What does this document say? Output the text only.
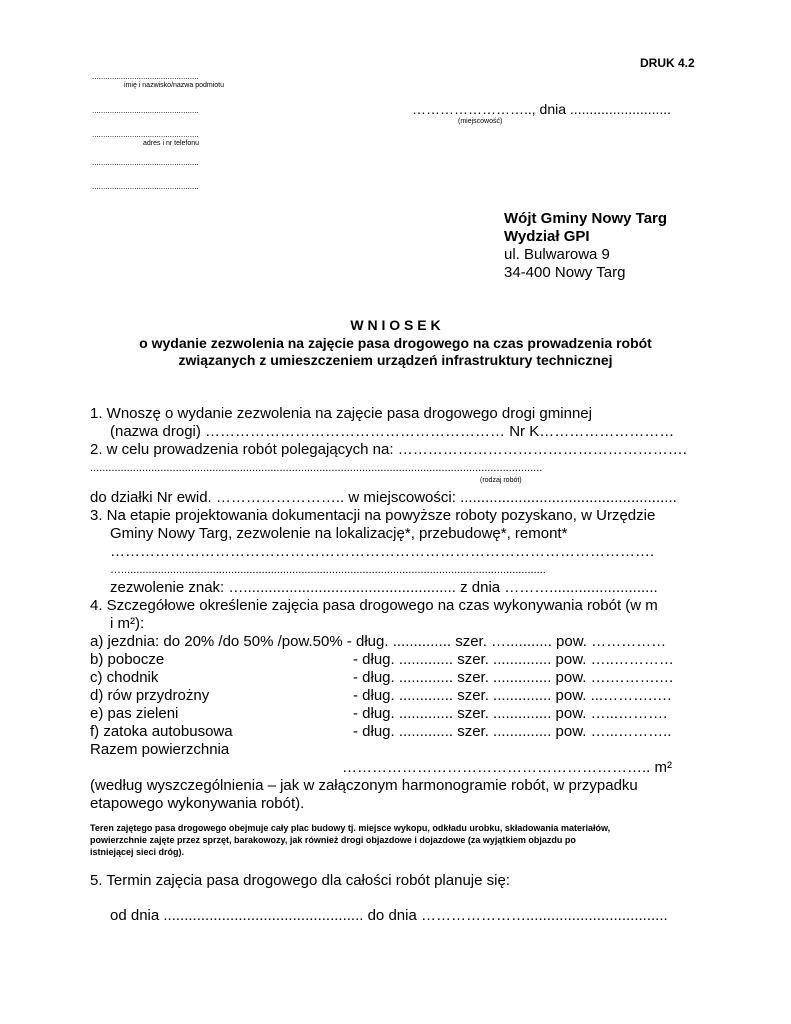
DRUK 4.2
................................................
imię i nazwisko/nazwa podmiotu
................................................
................................................
adres i nr telefonu
................................................
................................................
…………………….., dnia ..........................
(miejscowość)
Wójt Gminy Nowy Targ
Wydział GPI
ul. Bulwarowa 9
34-400 Nowy Targ
W N I O S E K
o wydanie zezwolenia na zajęcie pasa drogowego na czas prowadzenia robót
związanych z umieszczeniem urządzeń infrastruktury technicznej
1. Wnoszę o wydanie zezwolenia na zajęcie pasa drogowego drogi gminnej
(nazwa drogi) …………………………………………………… Nr K………………………
2. w celu prowadzenia robót polegających na: ………………………………………………….
....................................................................................................................................................
(rodzaj robót)
do działki Nr ewid. …………………….. w miejscowości: ....................................................
3. Na etapie projektowania dokumentacji na powyższe roboty pozyskano, w Urzędzie
Gminy Nowy Targ, zezwolenie na lokalizację*, przebudowę*, remont*
……………………………………………………………………………………………….
…...........................................................................................................................................
zezwolenie znak: …................................................... z dnia ………..........................
4. Szczegółowe określenie zajęcia pasa drogowego na czas wykonywania robót (w m
i m²):
a) jezdnia: do 20% /do 50% /pow.50% - dług. .............. szer. …........... pow. ……………
b) pobocze	- dług. ............. szer. .............. pow. …..…………
c) chodnik	- dług. ............. szer. .............. pow. ….……….…
d) rów przydrożny	- dług. ............. szer. .............. pow. ...……….….
e) pas zieleni	- dług. ............. szer. .............. pow. …...……….
f) zatoka autobusowa	- dług. ............. szer. .............. pow. …...………..
Razem powierzchnia
…………………………………………………….. m²
(według wyszczególnienia – jak w załączonym harmonogramie robót, w przypadku
etapowego wykonywania robót).
Teren zajętego pasa drogowego obejmuje cały plac budowy tj. miejsce wykopu, odkładu urobku, składowania materiałów,
powierzchnie zajęte przez sprzęt, barakowozy, jak również drogi objazdowe i dojazdowe (za wyjątkiem objazdu po
istniejącej sieci dróg).
5. Termin zajęcia pasa drogowego dla całości robót planuje się:
od dnia ................................................ do dnia …………………..................................
